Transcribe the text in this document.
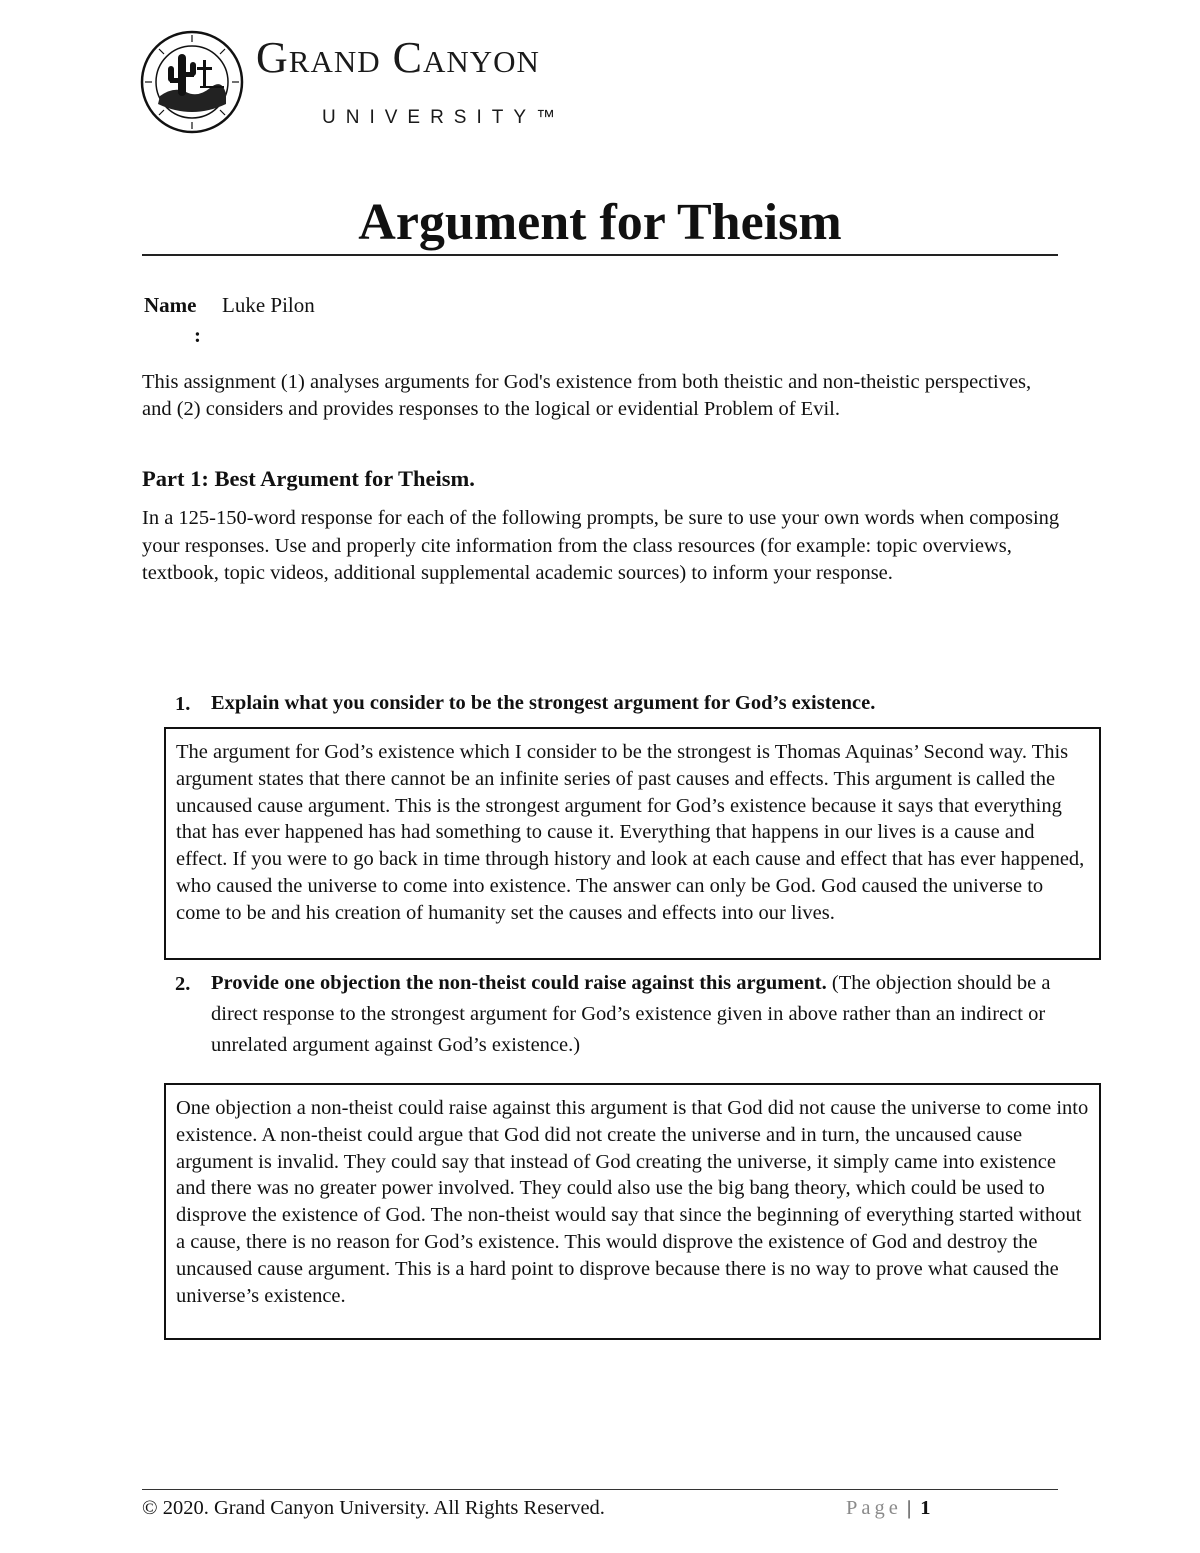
Grand Canyon
UNIVERSITY™
Argument for Theism
Name
:
Luke Pilon
This assignment (1) analyses arguments for God's existence from both theistic and non-theistic perspectives, and (2) considers and provides responses to the logical or evidential Problem of Evil.
Part 1: Best Argument for Theism.
In a 125-150-word response for each of the following prompts, be sure to use your own words when composing your responses. Use and properly cite information from the class resources (for example: topic overviews, textbook, topic videos, additional supplemental academic sources) to inform your response.
1. Explain what you consider to be the strongest argument for God’s existence.
The argument for God’s existence which I consider to be the strongest is Thomas Aquinas’ Second way. This argument states that there cannot be an infinite series of past causes and effects. This argument is called the uncaused cause argument. This is the strongest argument for God’s existence because it says that everything that has ever happened has had something to cause it. Everything that happens in our lives is a cause and effect. If you were to go back in time through history and look at each cause and effect that has ever happened, who caused the universe to come into existence. The answer can only be God. God caused the universe to come to be and his creation of humanity set the causes and effects into our lives.
2. Provide one objection the non-theist could raise against this argument. (The objection should be a direct response to the strongest argument for God’s existence given in above rather than an indirect or unrelated argument against God’s existence.)
One objection a non-theist could raise against this argument is that God did not cause the universe to come into existence. A non-theist could argue that God did not create the universe and in turn, the uncaused cause argument is invalid. They could say that instead of God creating the universe, it simply came into existence and there was no greater power involved. They could also use the big bang theory, which could be used to disprove the existence of God. The non-theist would say that since the beginning of everything started without a cause, there is no reason for God’s existence. This would disprove the existence of God and destroy the uncaused cause argument. This is a hard point to disprove because there is no way to prove what caused the universe’s existence.
© 2020. Grand Canyon University. All Rights Reserved.	Page | 1
